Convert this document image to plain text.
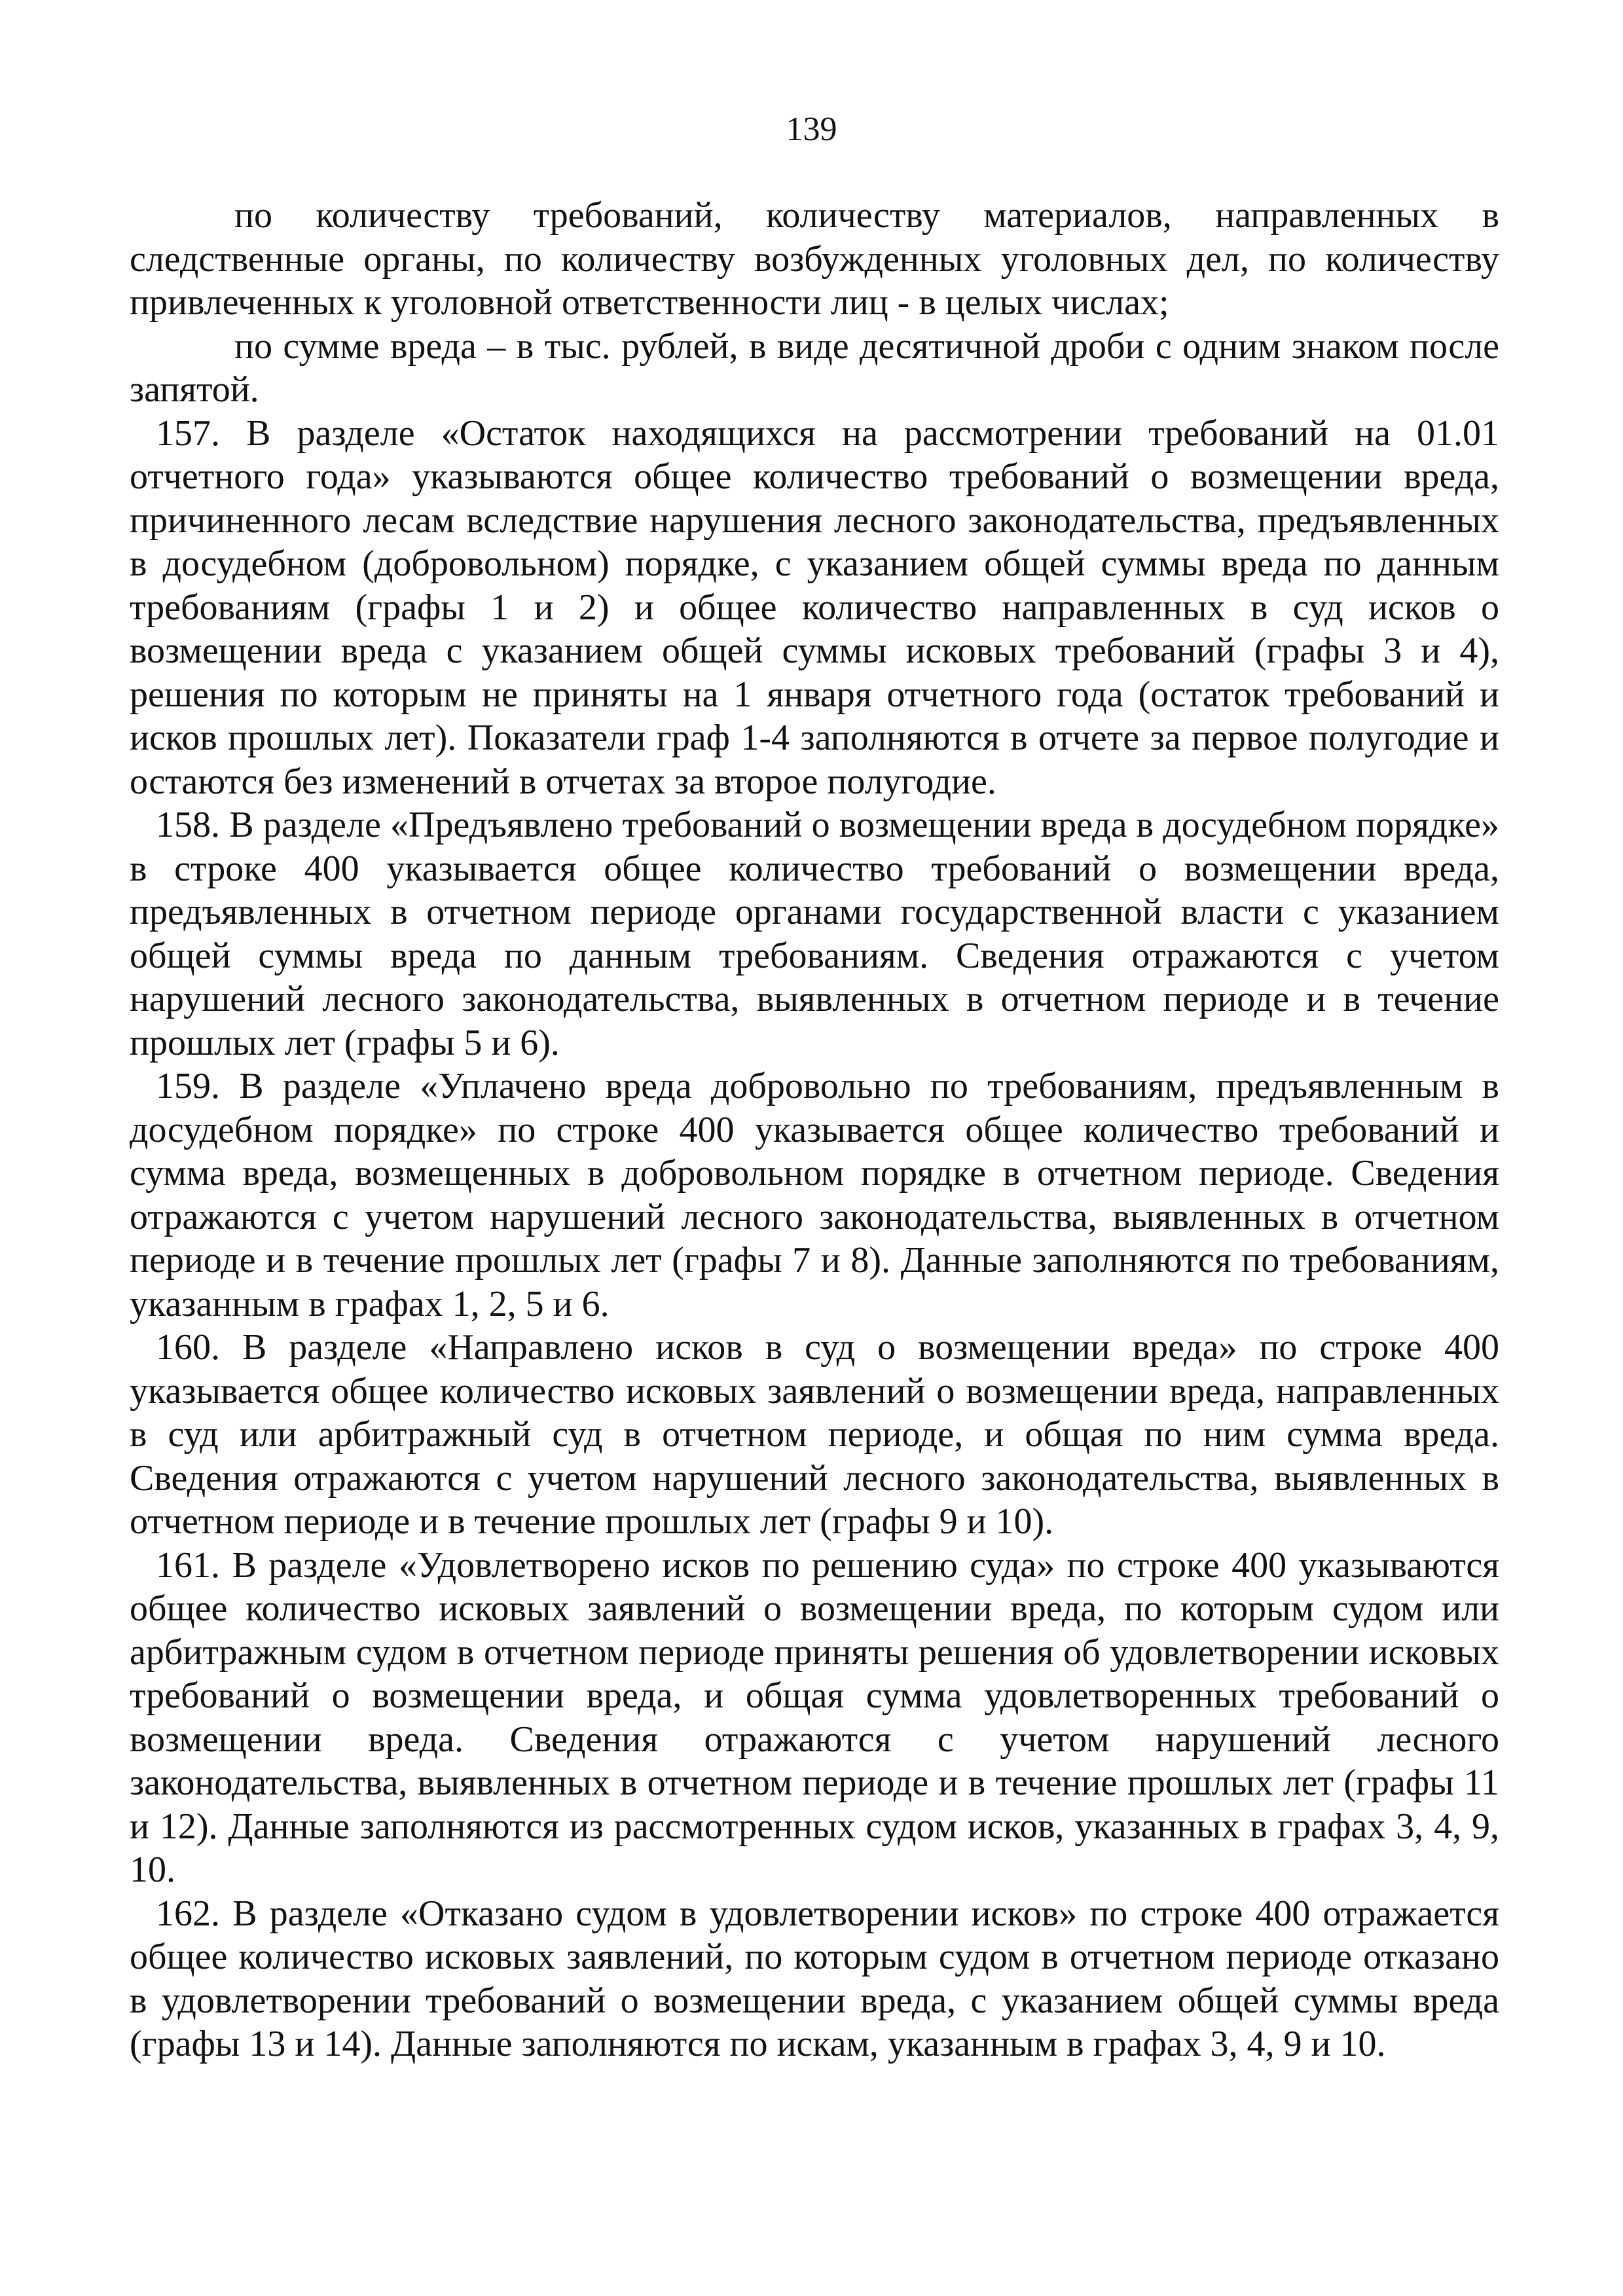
139

по количеству требований, количеству материалов, направленных в следственные органы, по количеству возбужденных уголовных дел, по количеству привлеченных к уголовной ответственности лиц - в целых числах;

по сумме вреда – в тыс. рублей, в виде десятичной дроби с одним знаком после запятой.

157. В разделе «Остаток находящихся на рассмотрении требований на 01.01 отчетного года» указываются общее количество требований о возмещении вреда, причиненного лесам вследствие нарушения лесного законодательства, предъявленных в досудебном (добровольном) порядке, с указанием общей суммы вреда по данным требованиям (графы 1 и 2) и общее количество направленных в суд исков о возмещении вреда с указанием общей суммы исковых требований (графы 3 и 4), решения по которым не приняты на 1 января отчетного года (остаток требований и исков прошлых лет). Показатели граф 1-4 заполняются в отчете за первое полугодие и остаются без изменений в отчетах за второе полугодие.

158. В разделе «Предъявлено требований о возмещении вреда в досудебном порядке» в строке 400 указывается общее количество требований о возмещении вреда, предъявленных в отчетном периоде органами государственной власти с указанием общей суммы вреда по данным требованиям. Сведения отражаются с учетом нарушений лесного законодательства, выявленных в отчетном периоде и в течение прошлых лет (графы 5 и 6).

159. В разделе «Уплачено вреда добровольно по требованиям, предъявленным в досудебном порядке» по строке 400 указывается общее количество требований и сумма вреда, возмещенных в добровольном порядке в отчетном периоде. Сведения отражаются с учетом нарушений лесного законодательства, выявленных в отчетном периоде и в течение прошлых лет (графы 7 и 8). Данные заполняются по требованиям, указанным в графах 1, 2, 5 и 6.

160. В разделе «Направлено исков в суд о возмещении вреда» по строке 400 указывается общее количество исковых заявлений о возмещении вреда, направленных в суд или арбитражный суд в отчетном периоде, и общая по ним сумма вреда. Сведения отражаются с учетом нарушений лесного законодательства, выявленных в отчетном периоде и в течение прошлых лет (графы 9 и 10).

161. В разделе «Удовлетворено исков по решению суда» по строке 400 указываются общее количество исковых заявлений о возмещении вреда, по которым судом или арбитражным судом в отчетном периоде приняты решения об удовлетворении исковых требований о возмещении вреда, и общая сумма удовлетворенных требований о возмещении вреда. Сведения отражаются с учетом нарушений лесного законодательства, выявленных в отчетном периоде и в течение прошлых лет (графы 11 и 12). Данные заполняются из рассмотренных судом исков, указанных в графах 3, 4, 9, 10.

162. В разделе «Отказано судом в удовлетворении исков» по строке 400 отражается общее количество исковых заявлений, по которым судом в отчетном периоде отказано в удовлетворении требований о возмещении вреда, с указанием общей суммы вреда (графы 13 и 14). Данные заполняются по искам, указанным в графах 3, 4, 9 и 10.
